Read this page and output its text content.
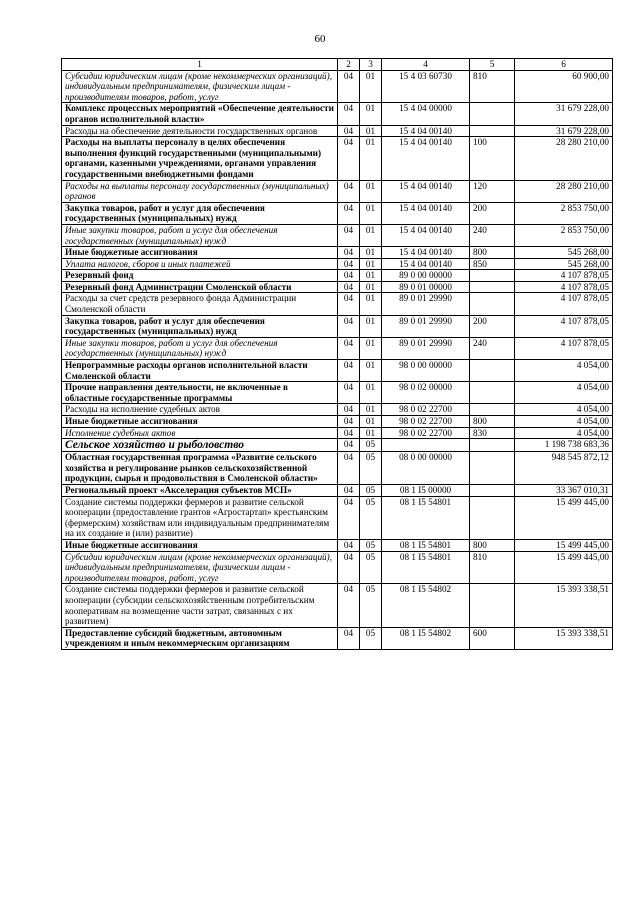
60
1	2	3	4	5	6
Субсидии юридическим лицам (кроме некоммерческих организаций), индивидуальным предпринимателям, физическим лицам - производителям товаров, работ, услуг	04	01	15 4 03 60730	810	60 900,00
Комплекс процессных мероприятий «Обеспечение деятельности органов исполнительной власти»	04	01	15 4 04 00000		31 679 228,00
Расходы на обеспечение деятельности государственных органов	04	01	15 4 04 00140		31 679 228,00
Расходы на выплаты персоналу в целях обеспечения выполнения функций государственными (муниципальными) органами, казенными учреждениями, органами управления государственными внебюджетными фондами	04	01	15 4 04 00140	100	28 280 210,00
Расходы на выплаты персоналу государственных (муниципальных) органов	04	01	15 4 04 00140	120	28 280 210,00
Закупка товаров, работ и услуг для обеспечения государственных (муниципальных) нужд	04	01	15 4 04 00140	200	2 853 750,00
Иные закупки товаров, работ и услуг для обеспечения государственных (муниципальных) нужд	04	01	15 4 04 00140	240	2 853 750,00
Иные бюджетные ассигнования	04	01	15 4 04 00140	800	545 268,00
Уплата налогов, сборов и иных платежей	04	01	15 4 04 00140	850	545 268,00
Резервный фонд	04	01	89 0 00 00000		4 107 878,05
Резервный фонд Администрации Смоленской области	04	01	89 0 01 00000		4 107 878,05
Расходы за счет средств резервного фонда Администрации Смоленской области	04	01	89 0 01 29990		4 107 878,05
Закупка товаров, работ и услуг для обеспечения государственных (муниципальных) нужд	04	01	89 0 01 29990	200	4 107 878,05
Иные закупки товаров, работ и услуг для обеспечения государственных (муниципальных) нужд	04	01	89 0 01 29990	240	4 107 878,05
Непрограммные расходы органов исполнительной власти Смоленской области	04	01	98 0 00 00000		4 054,00
Прочие направления деятельности, не включенные в областные государственные программы	04	01	98 0 02 00000		4 054,00
Расходы на исполнение судебных актов	04	01	98 0 02 22700		4 054,00
Иные бюджетные ассигнования	04	01	98 0 02 22700	800	4 054,00
Исполнение судебных актов	04	01	98 0 02 22700	830	4 054,00
Сельское хозяйство и рыболовство	04	05			1 198 738 683,36
Областная государственная программа «Развитие сельского хозяйства и регулирование рынков сельскохозяйственной продукции, сырья и продовольствия в Смоленской области»	04	05	08 0 00 00000		948 545 872,12
Региональный проект «Акселерация субъектов МСП»	04	05	08 1 I5 00000		33 367 010,31
Создание системы поддержки фермеров и развитие сельской кооперации (предоставление грантов «Агростартап» крестьянским (фермерским) хозяйствам или индивидуальным предпринимателям на их создание и (или) развитие)	04	05	08 1 I5 54801		15 499 445,00
Иные бюджетные ассигнования	04	05	08 1 I5 54801	800	15 499 445,00
Субсидии юридическим лицам (кроме некоммерческих организаций), индивидуальным предпринимателям, физическим лицам - производителям товаров, работ, услуг	04	05	08 1 I5 54801	810	15 499 445,00
Создание системы поддержки фермеров и развитие сельской кооперации (субсидии сельскохозяйственным потребительским кооперативам на возмещение части затрат, связанных с их развитием)	04	05	08 1 I5 54802		15 393 338,51
Предоставление субсидий бюджетным, автономным учреждениям и иным некоммерческим организациям	04	05	08 1 I5 54802	600	15 393 338,51
